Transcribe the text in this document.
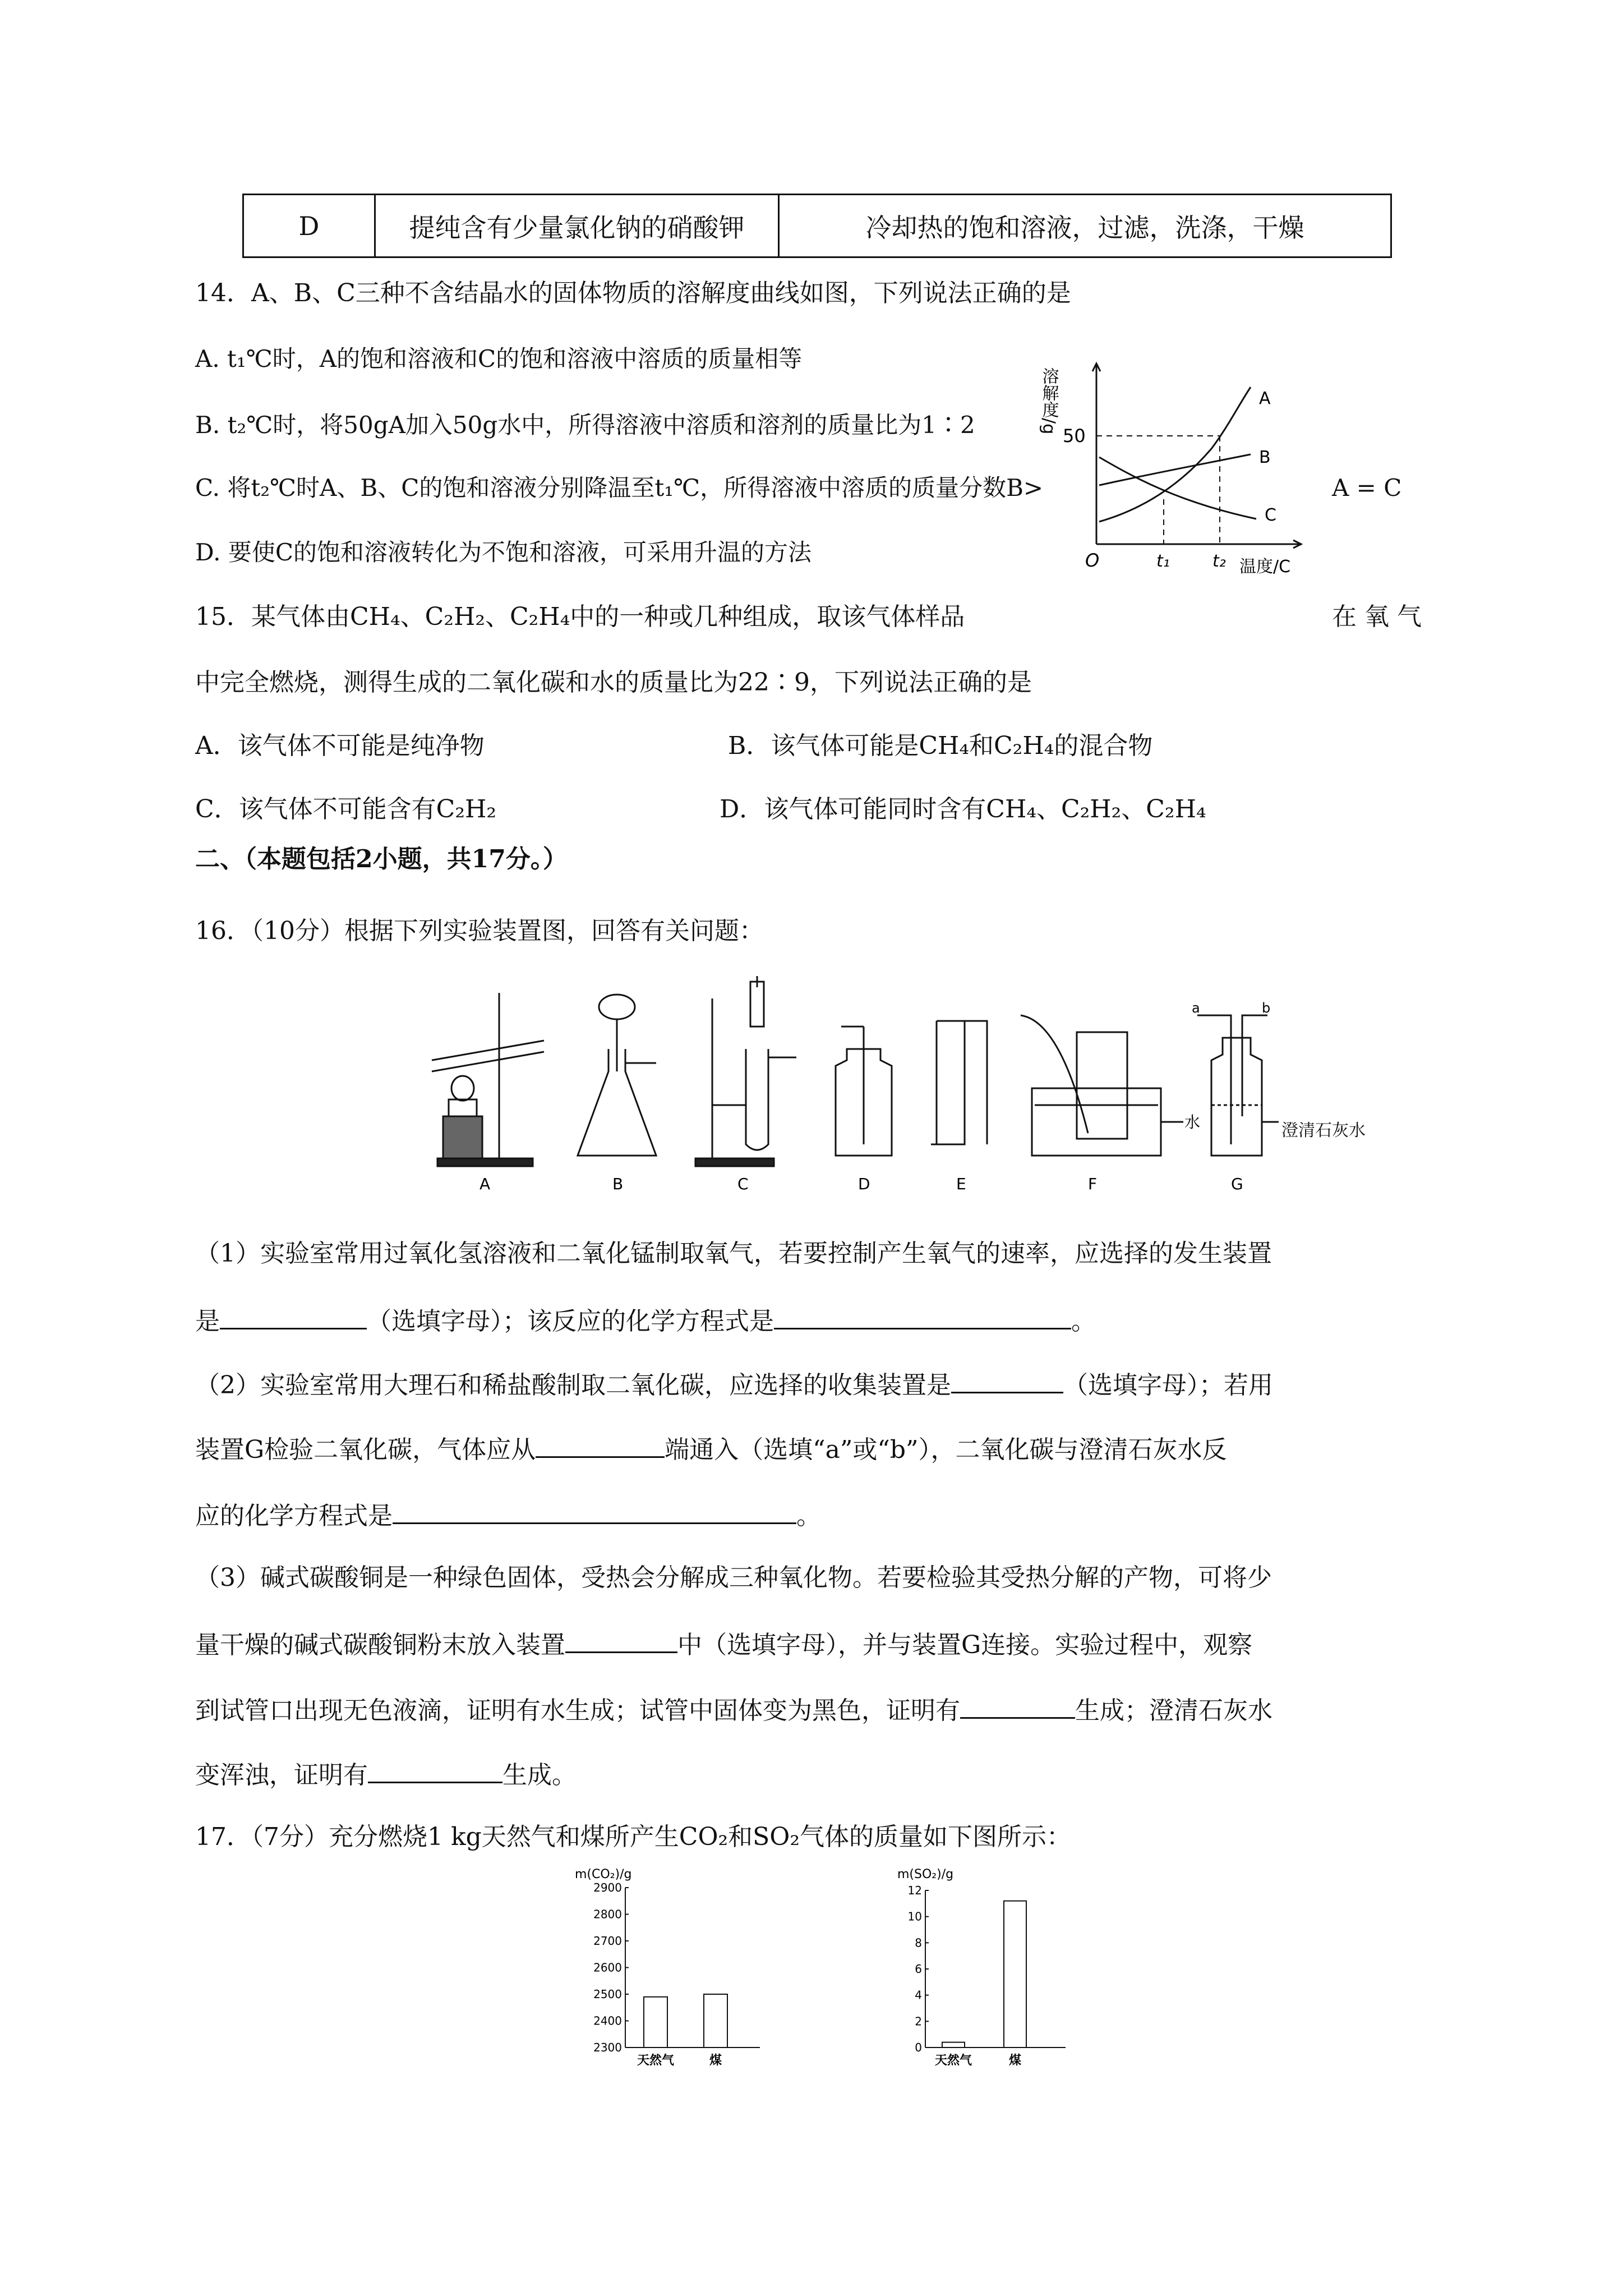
D	提纯含有少量氯化钠的硝酸钾	冷却热的饱和溶液，过滤，洗涤，干燥
14．A、B、C三种不含结晶水的固体物质的溶解度曲线如图，下列说法正确的是
A. t₁℃时，A的饱和溶液和C的饱和溶液中溶质的质量相等
B. t₂℃时，将50gA加入50g水中，所得溶液中溶质和溶剂的质量比为1∶2
C. 将t₂℃时A、B、C的饱和溶液分别降温至t₁℃，所得溶液中溶质的质量分数B>	A = C
D. 要使C的饱和溶液转化为不饱和溶液，可采用升温的方法
溶解度/g
50
O	t₁	t₂ 温度/C
A
B
C
15．某气体由CH₄、C₂H₂、C₂H₄中的一种或几种组成，取该气体样品	在 氧 气
中完全燃烧，测得生成的二氧化碳和水的质量比为22∶9，下列说法正确的是
A．该气体不可能是纯净物	B．该气体可能是CH₄和C₂H₄的混合物
C．该气体不可能含有C₂H₂	D．该气体可能同时含有CH₄、C₂H₂、C₂H₄
二、（本题包括2小题，共17分。）
16．（10分）根据下列实验装置图，回答有关问题：
a	b
水
A	B	C	D	E	F	G
澄清石灰水
（1）实验室常用过氧化氢溶液和二氧化锰制取氧气，若要控制产生氧气的速率，应选择的发生装置
是	（选填字母）；该反应的化学方程式是	。
（2）实验室常用大理石和稀盐酸制取二氧化碳，应选择的收集装置是	（选填字母）；若用
装置G检验二氧化碳，气体应从	端通入（选填“a”或“b”），二氧化碳与澄清石灰水反
应的化学方程式是	。
（3）碱式碳酸铜是一种绿色固体，受热会分解成三种氧化物。若要检验其受热分解的产物，可将少
量干燥的碱式碳酸铜粉末放入装置	中（选填字母），并与装置G连接。实验过程中，观察
到试管口出现无色液滴，证明有水生成；试管中固体变为黑色，证明有	生成；澄清石灰水
变浑浊，证明有	生成。
17．（7分）充分燃烧1 kg天然气和煤所产生CO₂和SO₂气体的质量如下图所示：
m(CO₂)/g
2300
2400
2500
2600
2700
2800
2900
天然气	煤
m(SO₂)/g
0
2
4
6
8
10
12
天然气	煤
